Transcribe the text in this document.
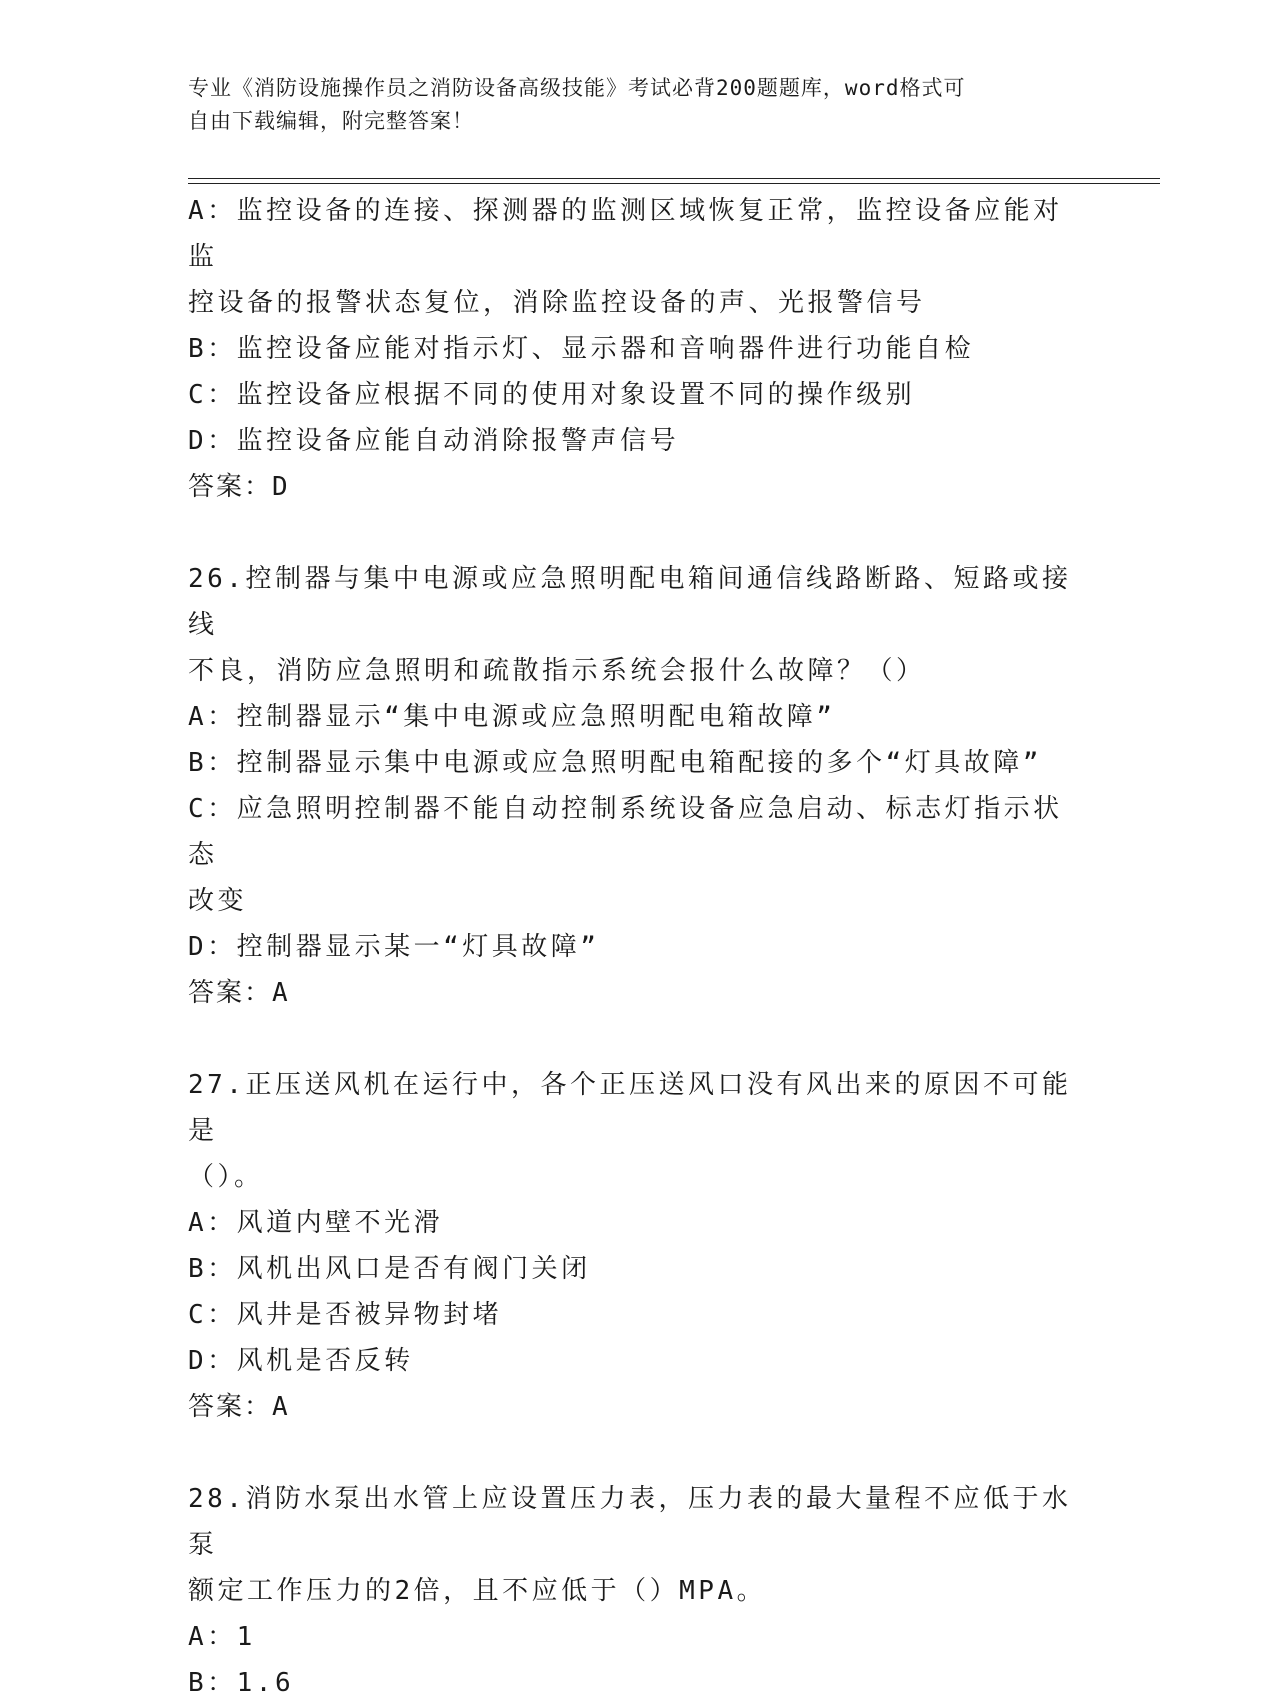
专业《消防设施操作员之消防设备高级技能》考试必背200题题库，word格式可
自由下载编辑，附完整答案！
A：监控设备的连接、探测器的监测区域恢复正常，监控设备应能对监
控设备的报警状态复位，消除监控设备的声、光报警信号
B：监控设备应能对指示灯、显示器和音响器件进行功能自检
C：监控设备应根据不同的使用对象设置不同的操作级别
D：监控设备应能自动消除报警声信号
答案：D
26.控制器与集中电源或应急照明配电箱间通信线路断路、短路或接线
不良，消防应急照明和疏散指示系统会报什么故障？（）
A：控制器显示“集中电源或应急照明配电箱故障”
B：控制器显示集中电源或应急照明配电箱配接的多个“灯具故障”
C：应急照明控制器不能自动控制系统设备应急启动、标志灯指示状态
改变
D：控制器显示某一“灯具故障”
答案：A
27.正压送风机在运行中，各个正压送风口没有风出来的原因不可能是
（）。
A：风道内壁不光滑
B：风机出风口是否有阀门关闭
C：风井是否被异物封堵
D：风机是否反转
答案：A
28.消防水泵出水管上应设置压力表，压力表的最大量程不应低于水泵
额定工作压力的2倍，且不应低于（）MPA。
A：1
B：1.6
